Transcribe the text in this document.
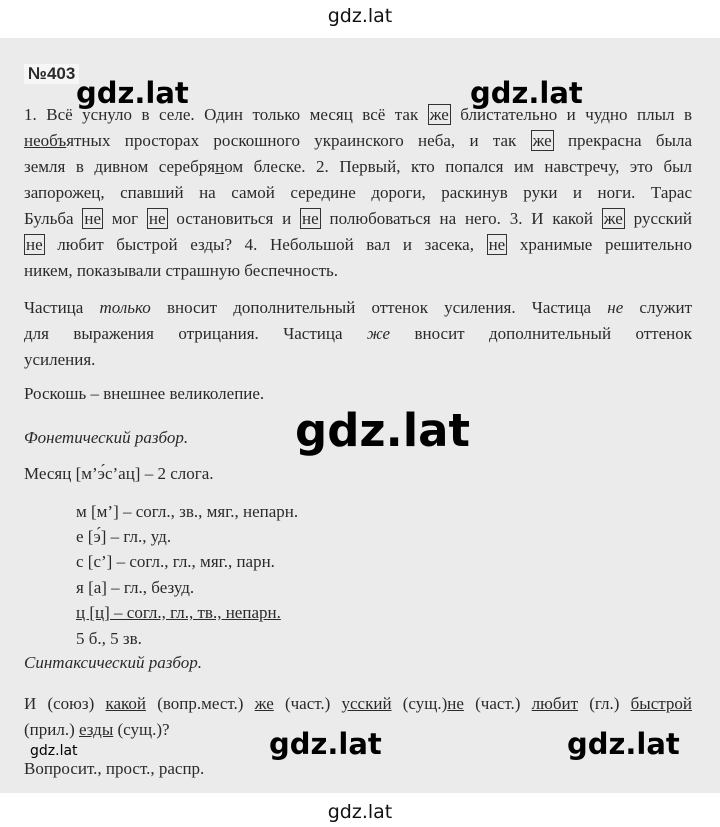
gdz.lat
№403
1. Всё уснуло в селе. Один только месяц всё так же блистательно и чудно плыл в
необъятных просторах роскошного украинского неба, и так же прекрасна была
земля в дивном серебряном блеске. 2. Первый, кто попался им навстречу, это был
запорожец, спавший на самой середине дороги, раскинув руки и ноги. Тарас
Бульба не мог не остановиться и не полюбоваться на него. 3. И какой же русский
не любит быстрой езды? 4. Небольшой вал и засека, не хранимые решительно
никем, показывали страшную беспечность.
Частица только вносит дополнительный оттенок усиления. Частица не служит
для выражения отрицания. Частица же вносит дополнительный оттенок
усиления.
Роскошь – внешнее великолепие.
Фонетический разбор.
Месяц [м’э́с’ац] – 2 слога.
м [м’] – согл., зв., мяг., непарн.
е [э́] – гл., уд.
с [с’] – согл., гл., мяг., парн.
я [а] – гл., безуд.
ц [ц] – согл., гл., тв., непарн.
5 б., 5 зв.
Синтаксический разбор.
И (союз) какой (вопр.мест.) же (част.) усский (сущ.)не (част.) любит (гл.) быстрой
(прил.) езды (сущ.)?
Вопросит., прост., распр.
gdz.lat	gdz.lat
gdz.lat
gdz.lat	gdz.lat
gdz.lat
gdz.lat
